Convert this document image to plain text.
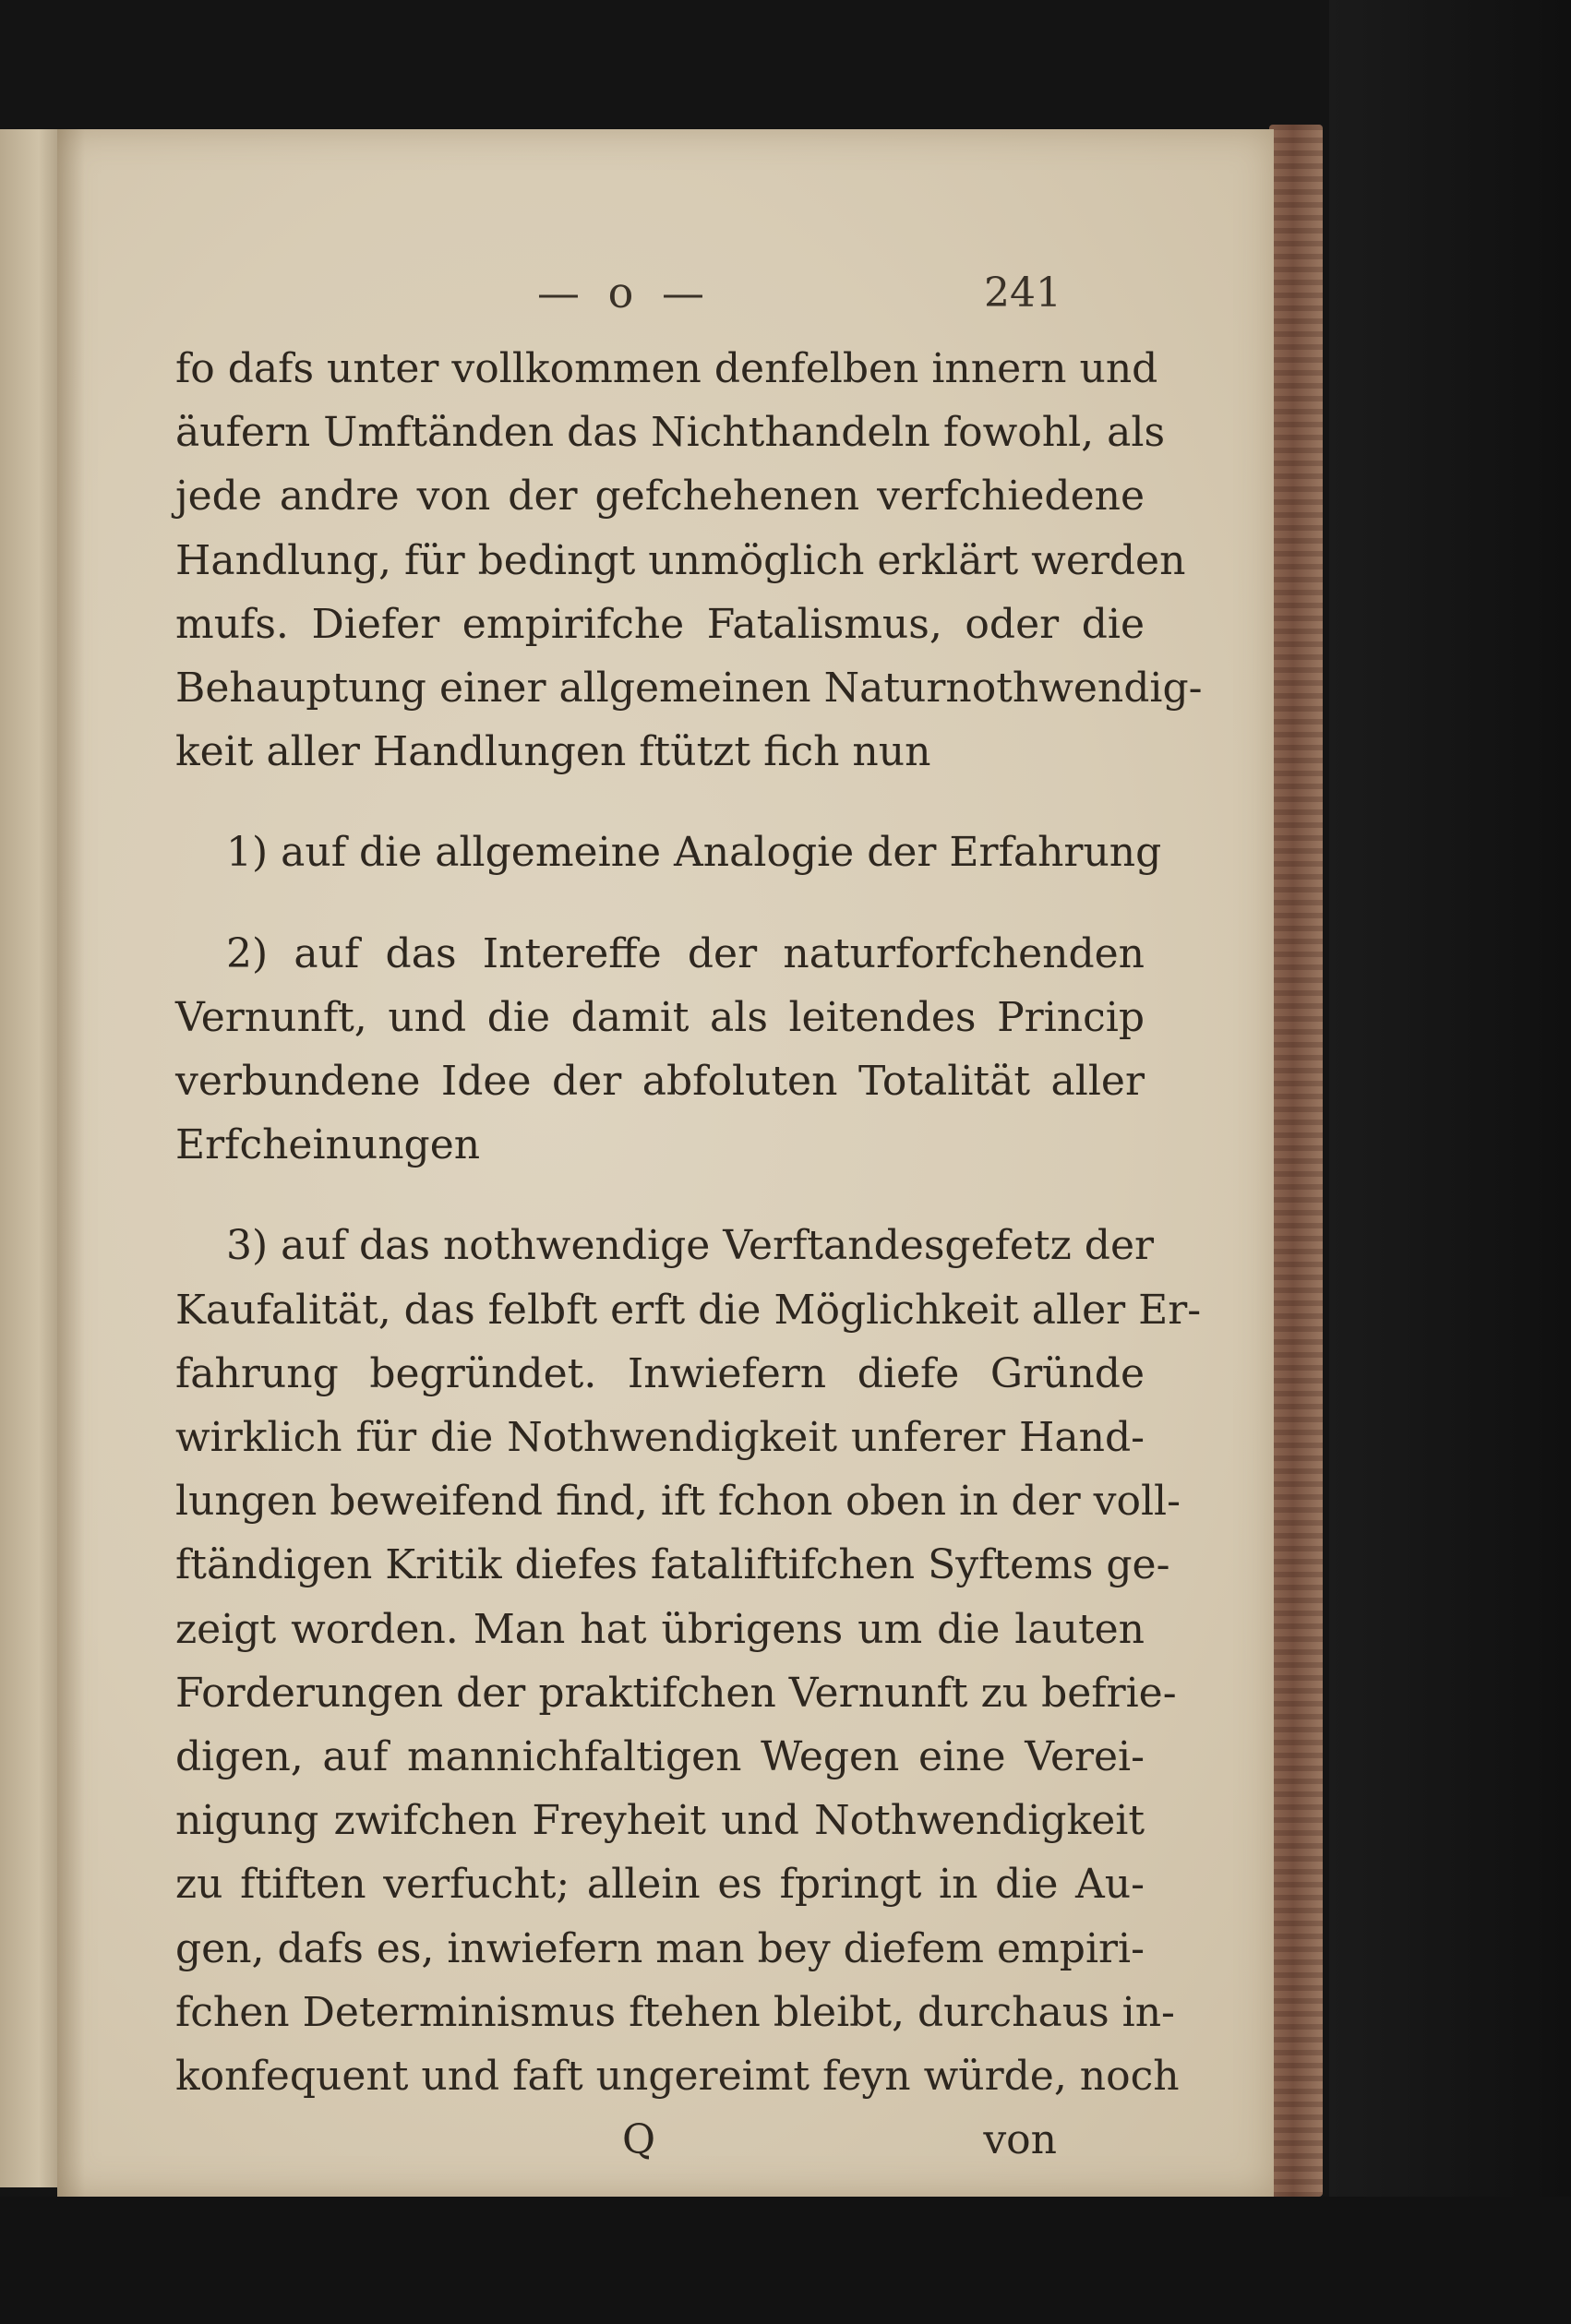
— o —	241
fo dafs unter vollkommen denfelben innern und
äufern Umftänden das Nichthandeln fowohl, als
jede andre von der gefchehenen verfchiedene
Handlung, für bedingt unmöglich erklärt werden
mufs. Diefer empirifche Fatalismus, oder die
Behauptung einer allgemeinen Naturnothwendig-
keit aller Handlungen ftützt fich nun
1) auf die allgemeine Analogie der Erfahrung
2) auf das Intereffe der naturforfchenden
Vernunft, und die damit als leitendes Princip
verbundene Idee der abfoluten Totalität aller
Erfcheinungen
3) auf das nothwendige Verftandesgefetz der
Kaufalität, das felbft erft die Möglichkeit aller Er-
fahrung begründet. Inwiefern diefe Gründe
wirklich für die Nothwendigkeit unferer Hand-
lungen beweifend find, ift fchon oben in der voll-
ftändigen Kritik diefes fataliftifchen Syftems ge-
zeigt worden. Man hat übrigens um die lauten
Forderungen der praktifchen Vernunft zu befrie-
digen, auf mannichfaltigen Wegen eine Verei-
nigung zwifchen Freyheit und Nothwendigkeit
zu ftiften verfucht; allein es fpringt in die Au-
gen, dafs es, inwiefern man bey diefem empiri-
fchen Determinismus ftehen bleibt, durchaus in-
konfequent und faft ungereimt feyn würde, noch
Q	von
